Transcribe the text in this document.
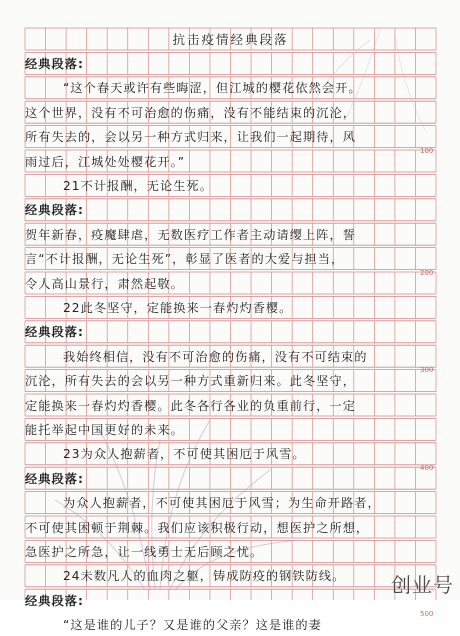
抗击疫情经典段落
经典段落:
“这个春天或许有些晦涩，但江城的樱花依然会开。
这个世界，没有不可治愈的伤痛，没有不能结束的沉沦，
所有失去的，会以另一种方式归来，让我们一起期待，风
雨过后，江城处处樱花开。”
21不计报酬，无论生死。
经典段落:
贺年新春，疫魔肆虐，无数医疗工作者主动请缨上阵，誓
言“不计报酬，无论生死”，彰显了医者的大爱与担当，
令人高山景行，肃然起敬。
22此冬坚守，定能换来一春灼灼香樱。
经典段落:
我始终相信，没有不可治愈的伤痛，没有不可结束的
沉沦，所有失去的会以另一种方式重新归来。此冬坚守，
定能换来一春灼灼香樱。此冬各行各业的负重前行，一定
能托举起中国更好的未来。
23为众人抱薪者，不可使其困厄于风雪。
经典段落:
为众人抱薪者，不可使其困厄于风雪；为生命开路者，
不可使其困顿于荆棘。我们应该积极行动，想医护之所想，
急医护之所急，让一线勇士无后顾之忧。
24未数凡人的血肉之躯，铸成防疫的钢铁防线。
经典段落:
“这是谁的儿子？又是谁的父亲？这是谁的妻
100
200
300
400
500
创业号
